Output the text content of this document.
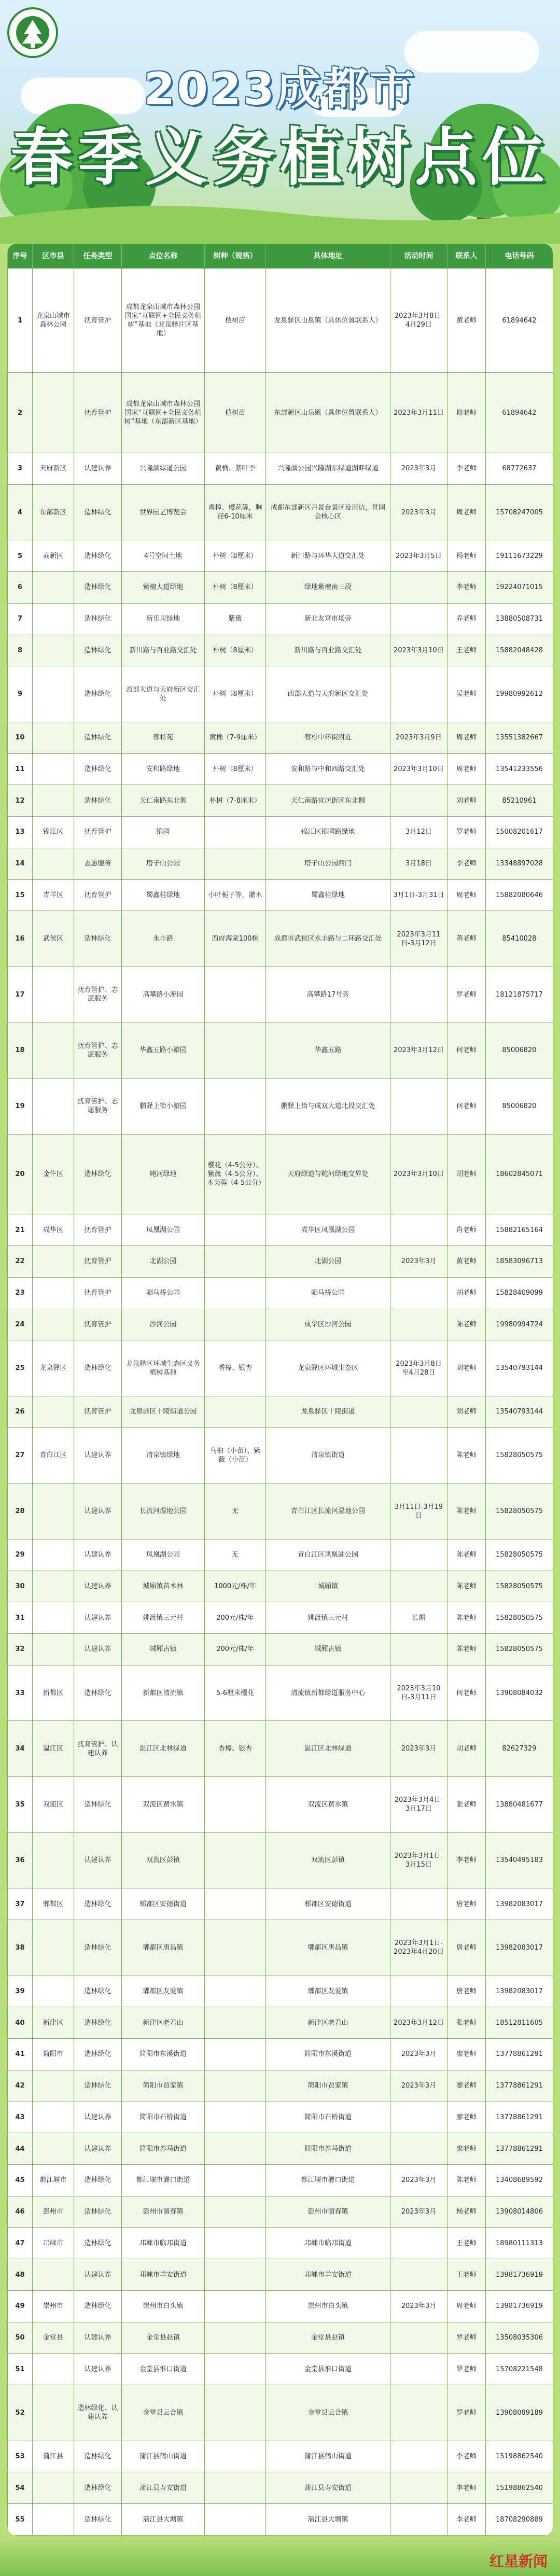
2023成都市
春季义务植树点位
序号	区市县	任务类型	点位名称	树种（规格）	具体地址	活动时间	联系人	电话号码
1	龙泉山城市森林公园	抚育管护	成都龙泉山城市森林公园国家“互联网+全民义务植树”基地（龙泉驿片区基地）	桤树苗	龙泉驿区山泉镇（具体位置联系人）	2023年3月8日-4月29日	黄老师	61894642
2		抚育管护	成都龙泉山城市森林公园国家“互联网+全民义务植树”基地（东部新区基地）	桤树苗	东部新区山泉镇（具体位置联系人）	2023年3月11日	谢老师	61894642
3	天府新区	认建认养	兴隆湖绿道公园	黄桷、紫叶李	兴隆湖公园兴隆湖东绿道湖畔绿道	2023年3月	李老师	68772637
4	东部新区	造林绿化	世界园艺博览会	香樟、樱花等，胸径6-10厘米	成都东部新区丹景台景区及周边，世园会核心区	2023年3月	周老师	15708247005
5	高新区	造林绿化	4号空间土地	朴树（8厘米）	新川路与环华大道交汇处	2023年3月5日	杨老师	19111673229
6		造林绿化	紫檀大道绿地	朴树（8厘米）	绿地紫檀南三段		李老师	19224071015
7		造林绿化	新乐里绿地	紫薇	新北友宫市场旁		乔老师	13880508731
8		造林绿化	新川路与百业路交汇处	朴树（8厘米）	新川路与百业路交汇处	2023年3月10日	王老师	15882048428
9		造林绿化	西部大道与天府新区交汇处	朴树（8厘米）	西部大道与天府新区交汇处		吴老师	19980992612
10		造林绿化	蓉杉苑	黄桷（7-9厘米）	蓉杉中环街附近	2023年3月9日	周老师	13551382667
11		造林绿化	安和路绿地	朴树（8厘米）	安和路与中和西路交汇处	2023年3月10日	周老师	13541233556
12		造林绿化	天仁南路东北侧	朴树（7-8厘米）	天仁南路宜居街区东北侧		刘老师	85210961
13	锦江区	抚育管护	锦园		锦江区锦园路绿地	3月12日	罗老师	15008201617
14		志愿服务	塔子山公园		塔子山公园西门	3月18日	李老师	13348897028
15	青羊区	抚育管护	蜀鑫桂绿地	小叶栀子等，灌木	蜀鑫桂绿地	3月1日-3月31日	周老师	15882080646
16	武侯区	造林绿化	永丰路	西府海棠100株	成都市武侯区永丰路与二环路交汇处	2023年3月11日-3月12日	蒋老师	85410028
17		抚育管护、志愿服务	高攀路小游园		高攀路17号旁		罗老师	18121875717
18		抚育管护、志愿服务	华鑫五路小游园		华鑫五路	2023年3月12日	何老师	85006820
19		抚育管护、志愿服务	鹏驿上街小游园		鹏驿上街与成双大道北段交汇处		何老师	85006820
20	金牛区	造林绿化	鲍河绿地	樱花（4-5公分）、紫薇（4-5公分）、木芙蓉（4-5公分）	天府绿道与鲍河绿地交界处	2023年3月10日	胡老师	18602845071
21	成华区	抚育管护	凤凰湖公园		成华区凤凰湖公园		肖老师	15882165164
22		抚育管护	北湖公园		北湖公园	2023年3月	黄老师	18583096713
23		抚育管护	驷马桥公园		驷马桥公园		胡老师	15828409099
24		抚育管护	沙河公园		成华区沙河公园		陈老师	19980994724
25	龙泉驿区	造林绿化	龙泉驿区环城生态区义务植树基地	香樟、银杏	龙泉驿区环城生态区	2023年3月8日至4月28日	刘老师	13540793144
26		抚育管护	龙泉驿区十陵街道公园		龙泉驿区十陵街道		刘老师	13540793144
27	青白江区	认建认养	清泉镇绿地	乌桕（小苗）、紫薇（小苗）	清泉镇街道		陈老师	15828050575
28		认建认养	长流河湿地公园	无	青白江区长流河湿地公园	3月11日-3月19日	陈老师	15828050575
29		认建认养	凤凰湖公园	无	青白江区凤凰湖公园		陈老师	15828050575
30		认建认养	城厢镇苗木林	1000元/株/年	城厢镇		陈老师	15828050575
31		认建认养	姚渡镇三元村	200元/株/年	姚渡镇三元村	长期	陈老师	15828050575
32		认建认养	城厢古镇	200元/株/年	城厢古镇		陈老师	15828050575
33	新都区	造林绿化	新都区清流镇	5-6厘米樱花	清流镇新都绿道服务中心	2023年3月10日-3月11日	何老师	13908084032
34	温江区	抚育管护、认建认养	温江区北林绿道	香樟、银杏	温江区北林绿道	2023年3月	胡老师	82627329
35	双流区	造林绿化	双流区黄水镇		双流区黄水镇	2023年3月4日-3月17日	张老师	13880481677
36		认建认养	双流区彭镇		双流区彭镇	2023年3月1日-3月15日	李老师	13540495183
37	郫都区	造林绿化	郫都区安德街道		郫都区安德街道		唐老师	13982083017
38		造林绿化	郫都区唐昌镇		郫都区唐昌镇	2023年3月1日-2023年4月20日	唐老师	13982083017
39		造林绿化	郫都区友爱镇		郫都区友爱镇		唐老师	13982083017
40	新津区	造林绿化	新津区老君山		新津区老君山	2023年3月12日	张老师	18512811605
41	简阳市	造林绿化	简阳市东溪街道		简阳市东溪街道	2023年3月	廖老师	13778861291
42		造林绿化	简阳市贾家镇		简阳市贾家镇	2023年3月	廖老师	13778861291
43		认建认养	简阳市石桥街道		简阳市石桥街道		廖老师	13778861291
44		认建认养	简阳市养马街道		简阳市养马街道		廖老师	13778861291
45	都江堰市	造林绿化	都江堰市灌口街道		都江堰市灌口街道	2023年3月	陈老师	13408689592
46	彭州市	造林绿化	彭州市丽春镇		彭州市丽春镇	2023年3月	杨老师	13908014806
47	邛崃市	造林绿化	邛崃市临邛街道		邛崃市临邛街道		王老师	18980111313
48		认建认养	邛崃市羊安街道		邛崃市羊安街道		王老师	13981736919
49	崇州市	造林绿化	崇州市白头镇		崇州市白头镇	2023年3月	周老师	13981736919
50	金堂县	认建认养	金堂县赵镇		金堂县赵镇		罗老师	13508035306
51		认建认养	金堂县淮口街道		金堂县淮口街道		罗老师	15708221548
52		造林绿化、认建认养	金堂县云合镇		金堂县云合镇		罗老师	13908089189
53	蒲江县	造林绿化	蒲江县鹤山街道		蒲江县鹤山街道		李老师	15198862540
54		造林绿化	蒲江县寿安街道		蒲江县寿安街道		李老师	15198862540
55		造林绿化	蒲江县大塘镇		蒲江县大塘镇		李老师	18708290889
红星新闻
